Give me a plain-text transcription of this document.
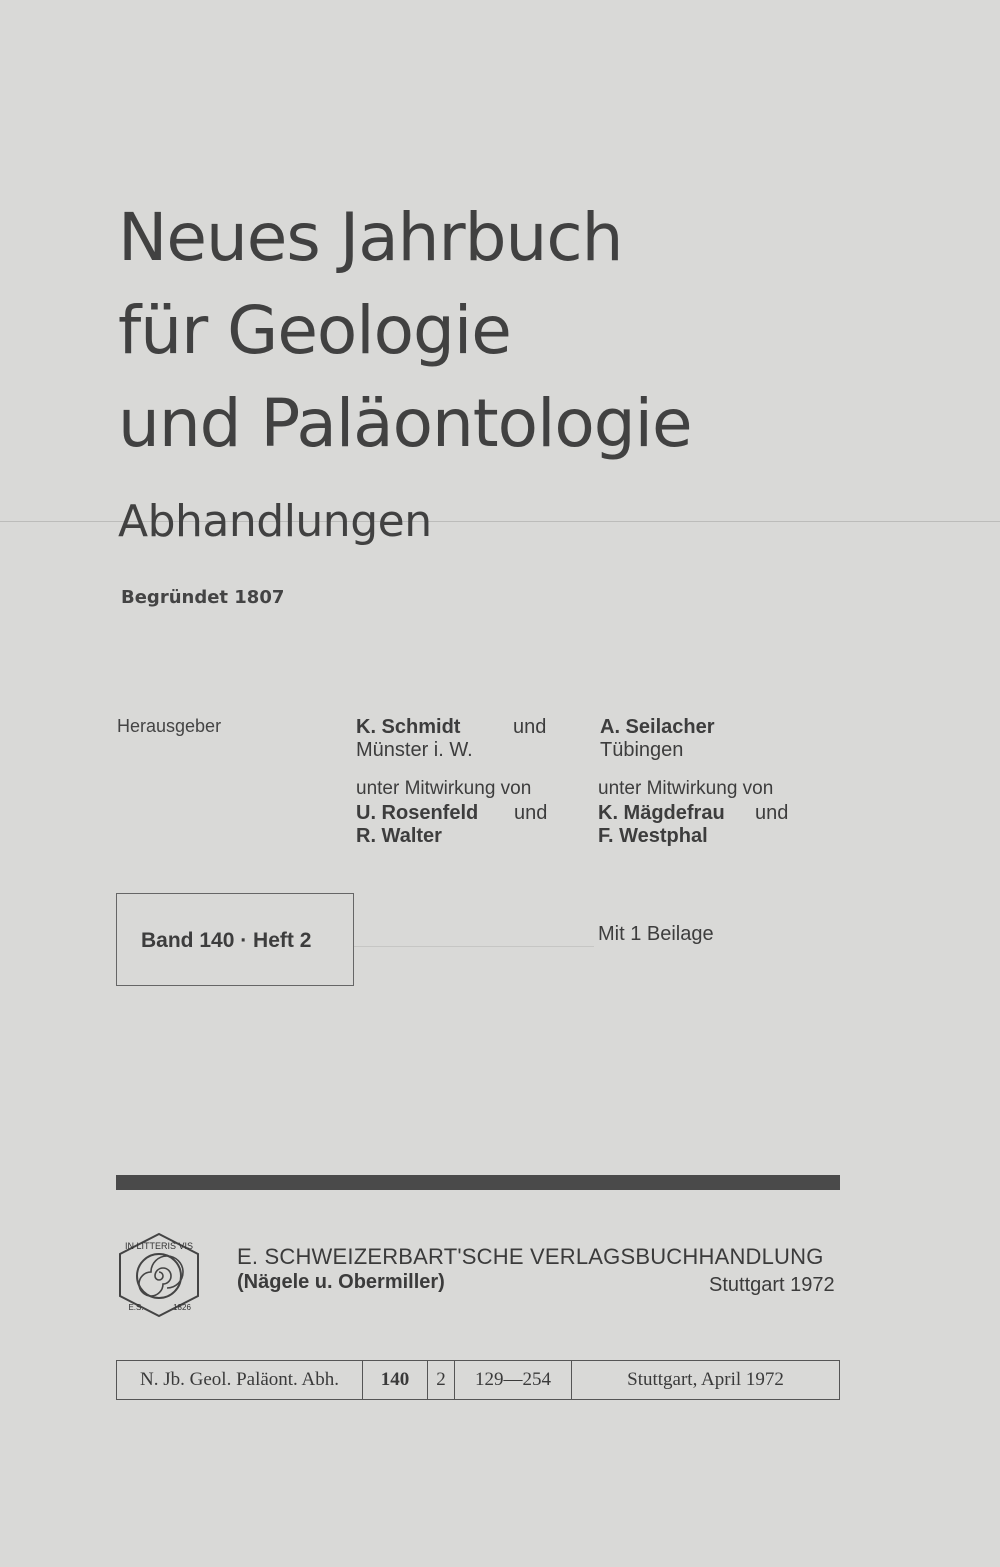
Neues Jahrbuch
für Geologie
und Paläontologie
Abhandlungen
Begründet 1807
Herausgeber	K. Schmidt	und
Münster i. W.
unter Mitwirkung von
U. Rosenfeld und
R. Walter
A. Seilacher
Tübingen
unter Mitwirkung von
K. Mägdefrau und
F. Westphal
Band 140 · Heft 2	Mit 1 Beilage
IN LITTERIS VIS
E.S.	1826
E. SCHWEIZERBART'SCHE VERLAGSBUCHHANDLUNG
(Nägele u. Obermiller)	Stuttgart 1972
N. Jb. Geol. Paläont. Abh.	140	2	129—254	Stuttgart, April 1972
